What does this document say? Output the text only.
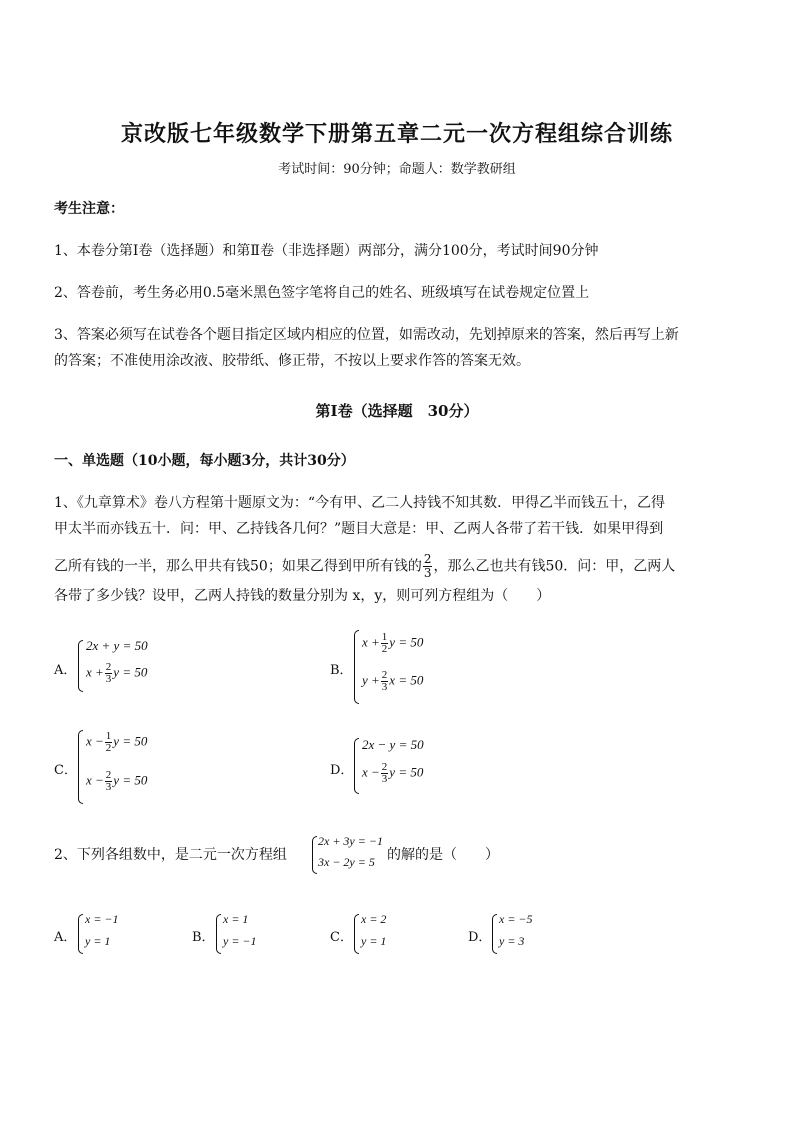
京改版七年级数学下册第五章二元一次方程组综合训练
考试时间：90分钟；命题人：数学教研组
考生注意：
1、本卷分第Ⅰ卷（选择题）和第Ⅱ卷（非选择题）两部分，满分100分，考试时间90分钟
2、答卷前，考生务必用0.5毫米黑色签字笔将自己的姓名、班级填写在试卷规定位置上
3、答案必须写在试卷各个题目指定区域内相应的位置，如需改动，先划掉原来的答案，然后再写上新
的答案；不准使用涂改液、胶带纸、修正带，不按以上要求作答的答案无效。
第Ⅰ卷（选择题　30分）
一、单选题（10小题，每小题3分，共计30分）
1、《九章算术》卷八方程第十题原文为：“今有甲、乙二人持钱不知其数．甲得乙半而钱五十，乙得
甲太半而亦钱五十．问：甲、乙持钱各几何？”题目大意是：甲、乙两人各带了若干钱．如果甲得到
乙所有钱的一半，那么甲共有钱50；如果乙得到甲所有钱的 $\frac{2}{3}$ ，那么乙也共有钱50．问：甲，乙两人
各带了多少钱？设甲，乙两人持钱的数量分别为 x，y，则可列方程组为（　　）
A．
2x + y = 50
$x + \frac{2}{3}$ y = 50	B．
$x + \frac{1}{2}$ y = 50
$y + \frac{2}{3}$ x = 50
C．
$x - \frac{1}{2}$ y = 50
$x - \frac{2}{3}$ y = 50
D．
2x − y = 50
$x - \frac{2}{3}$ y = 50
2、下列各组数中，是二元一次方程组
2x + 3y = −1
3x − 2y = 5 的解的是（　　）
A．
x = −1
y = 1	B．
x = 1
y = −1	C．
x = 2
y = 1	D．
x = −5
y = 3
